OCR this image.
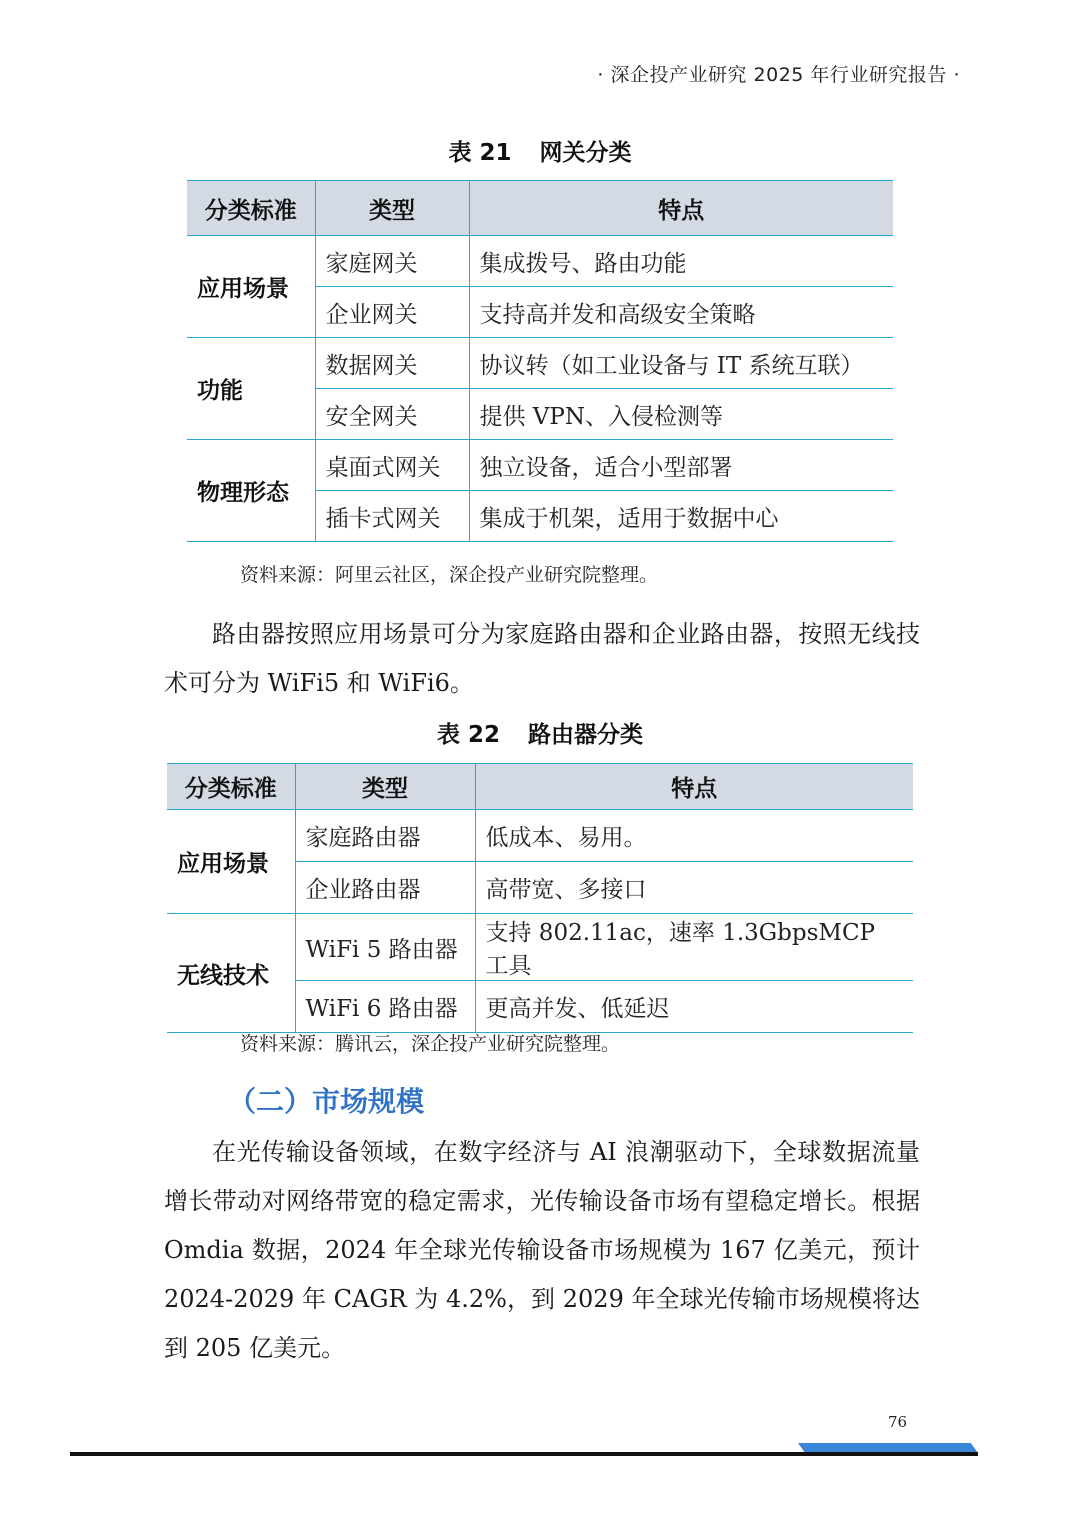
· 深企投产业研究 2025 年行业研究报告 ·
表 21 网关分类
分类标准	类型	特点
应用场景	家庭网关	集成拨号、路由功能
	企业网关	支持高并发和高级安全策略
功能	数据网关	协议转（如工业设备与 IT 系统互联）
	安全网关	提供 VPN、入侵检测等
物理形态	桌面式网关	独立设备，适合小型部署
	插卡式网关	集成于机架，适用于数据中心
资料来源：阿里云社区，深企投产业研究院整理。

路由器按照应用场景可分为家庭路由器和企业路由器，按照无线技术可分为 WiFi5 和 WiFi6。

表 22 路由器分类
分类标准	类型	特点
应用场景	家庭路由器	低成本、易用。
	企业路由器	高带宽、多接口
无线技术	WiFi 5 路由器	支持 802.11ac，速率 1.3GbpsMCP 工具
	WiFi 6 路由器	更高并发、低延迟
资料来源：腾讯云，深企投产业研究院整理。
（二）市场规模

在光传输设备领域，在数字经济与 AI 浪潮驱动下，全球数据流量增长带动对网络带宽的稳定需求，光传输设备市场有望稳定增长。根据 Omdia 数据，2024 年全球光传输设备市场规模为 167 亿美元，预计 2024-2029 年 CAGR 为 4.2%，到 2029 年全球光传输市场规模将达到 205 亿美元。

76
